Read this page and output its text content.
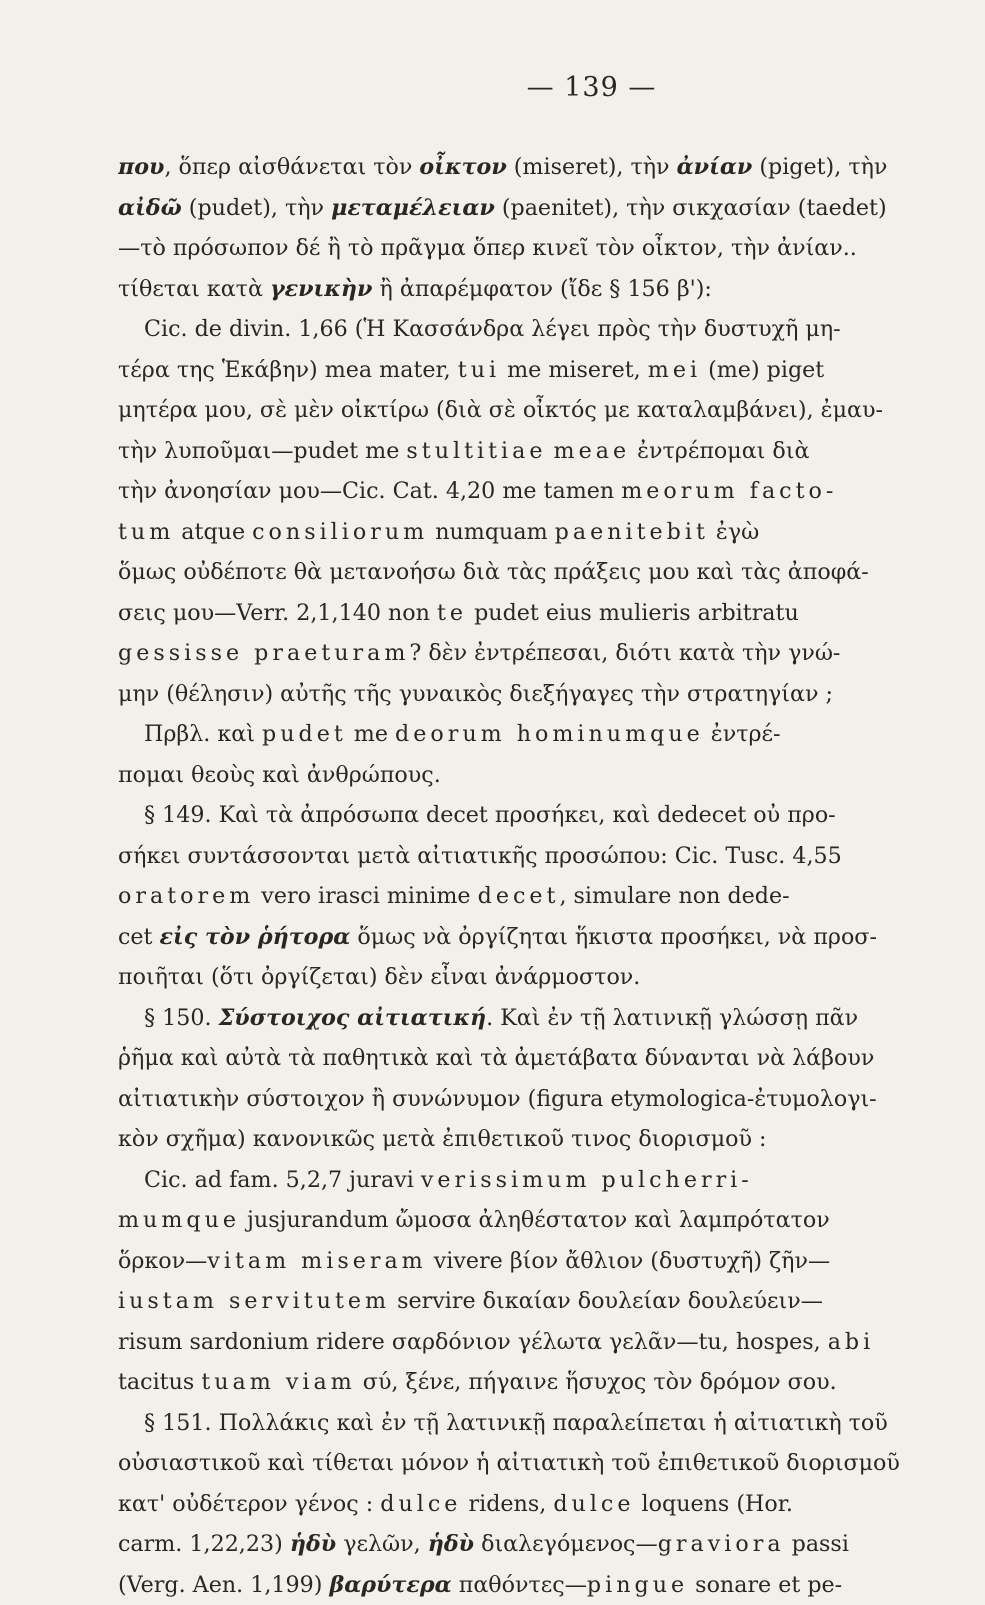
— 139 —
που, ὅπερ αἰσθάνεται τὸν οἶκτον (miseret), τὴν ἀνίαν (piget), τὴν
αἰδῶ (pudet), τὴν μεταμέλειαν (paenitet), τὴν σικχασίαν (taedet)
—τὸ πρόσωπον δέ ἢ τὸ πρᾶγμα ὅπερ κινεῖ τὸν οἶκτον, τὴν ἀνίαν..
τίθεται κατὰ γενικὴν ἢ ἀπαρέμφατον (ἴδε § 156 β'):
Cic. de divin. 1,66 (Ἡ Κασσάνδρα λέγει πρὸς τὴν δυστυχῆ μη-
τέρα της Ἑκάβην) mea mater, tui me miseret, mei (me) piget
μητέρα μου, σὲ μὲν οἰκτίρω (διὰ σὲ οἶκτός με καταλαμβάνει), ἐμαυ-
τὴν λυποῦμαι—pudet me stultitiae meae ἐντρέπομαι διὰ
τὴν ἀνοησίαν μου—Cic. Cat. 4,20 me tamen meorum facto-
tum atque consiliorum numquam paenitebit ἐγὼ
ὅμως οὐδέποτε θὰ μετανοήσω διὰ τὰς πράξεις μου καὶ τὰς ἀποφά-
σεις μου—Verr. 2,1,140 non te pudet eius mulieris arbitratu
gessisse praeturam? δὲν ἐντρέπεσαι, διότι κατὰ τὴν γνώ-
μην (θέλησιν) αὐτῆς τῆς γυναικὸς διεξήγαγες τὴν στρατηγίαν ;
Πρβλ. καὶ pudet me deorum hominumque ἐντρέ-
πομαι θεοὺς καὶ ἀνθρώπους.
§ 149. Καὶ τὰ ἀπρόσωπα decet προσήκει, καὶ dedecet οὐ προ-
σήκει συντάσσονται μετὰ αἰτιατικῆς προσώπου: Cic. Tusc. 4,55
oratorem vero irasci minime decet, simulare non dede-
cet εἰς τὸν ῥήτορα ὅμως νὰ ὀργίζηται ἥκιστα προσήκει, νὰ προσ-
ποιῆται (ὅτι ὀργίζεται) δὲν εἶναι ἀνάρμοστον.
§ 150. Σύστοιχος αἰτιατική. Καὶ ἐν τῇ λατινικῇ γλώσσῃ πᾶν
ῥῆμα καὶ αὐτὰ τὰ παθητικὰ καὶ τὰ ἀμετάβατα δύνανται νὰ λάβουν
αἰτιατικὴν σύστοιχον ἢ συνώνυμον (figura etymologica-ἐτυμολογι-
κὸν σχῆμα) κανονικῶς μετὰ ἐπιθετικοῦ τινος διορισμοῦ :
Cic. ad fam. 5,2,7 juravi verissimum pulcherri-
mumque jusjurandum ὤμοσα ἀληθέστατον καὶ λαμπρότατον
ὅρκον—vitam miseram vivere βίον ἄθλιον (δυστυχῆ) ζῆν—
iustam servitutem servire δικαίαν δουλείαν δουλεύειν—
risum sardonium ridere σαρδόνιον γέλωτα γελᾶν—tu, hospes, abi
tacitus tuam viam σύ, ξένε, πήγαινε ἥσυχος τὸν δρόμον σου.
§ 151. Πολλάκις καὶ ἐν τῇ λατινικῇ παραλείπεται ἡ αἰτιατικὴ τοῦ
οὐσιαστικοῦ καὶ τίθεται μόνον ἡ αἰτιατικὴ τοῦ ἐπιθετικοῦ διορισμοῦ
κατ' οὐδέτερον γένος : dulce ridens, dulce loquens (Hor.
carm. 1,22,23) ἡδὺ γελῶν, ἡδὺ διαλεγόμενος—graviora passi
(Verg. Aen. 1,199) βαρύτερα παθόντες—pingue sonare et pe-
